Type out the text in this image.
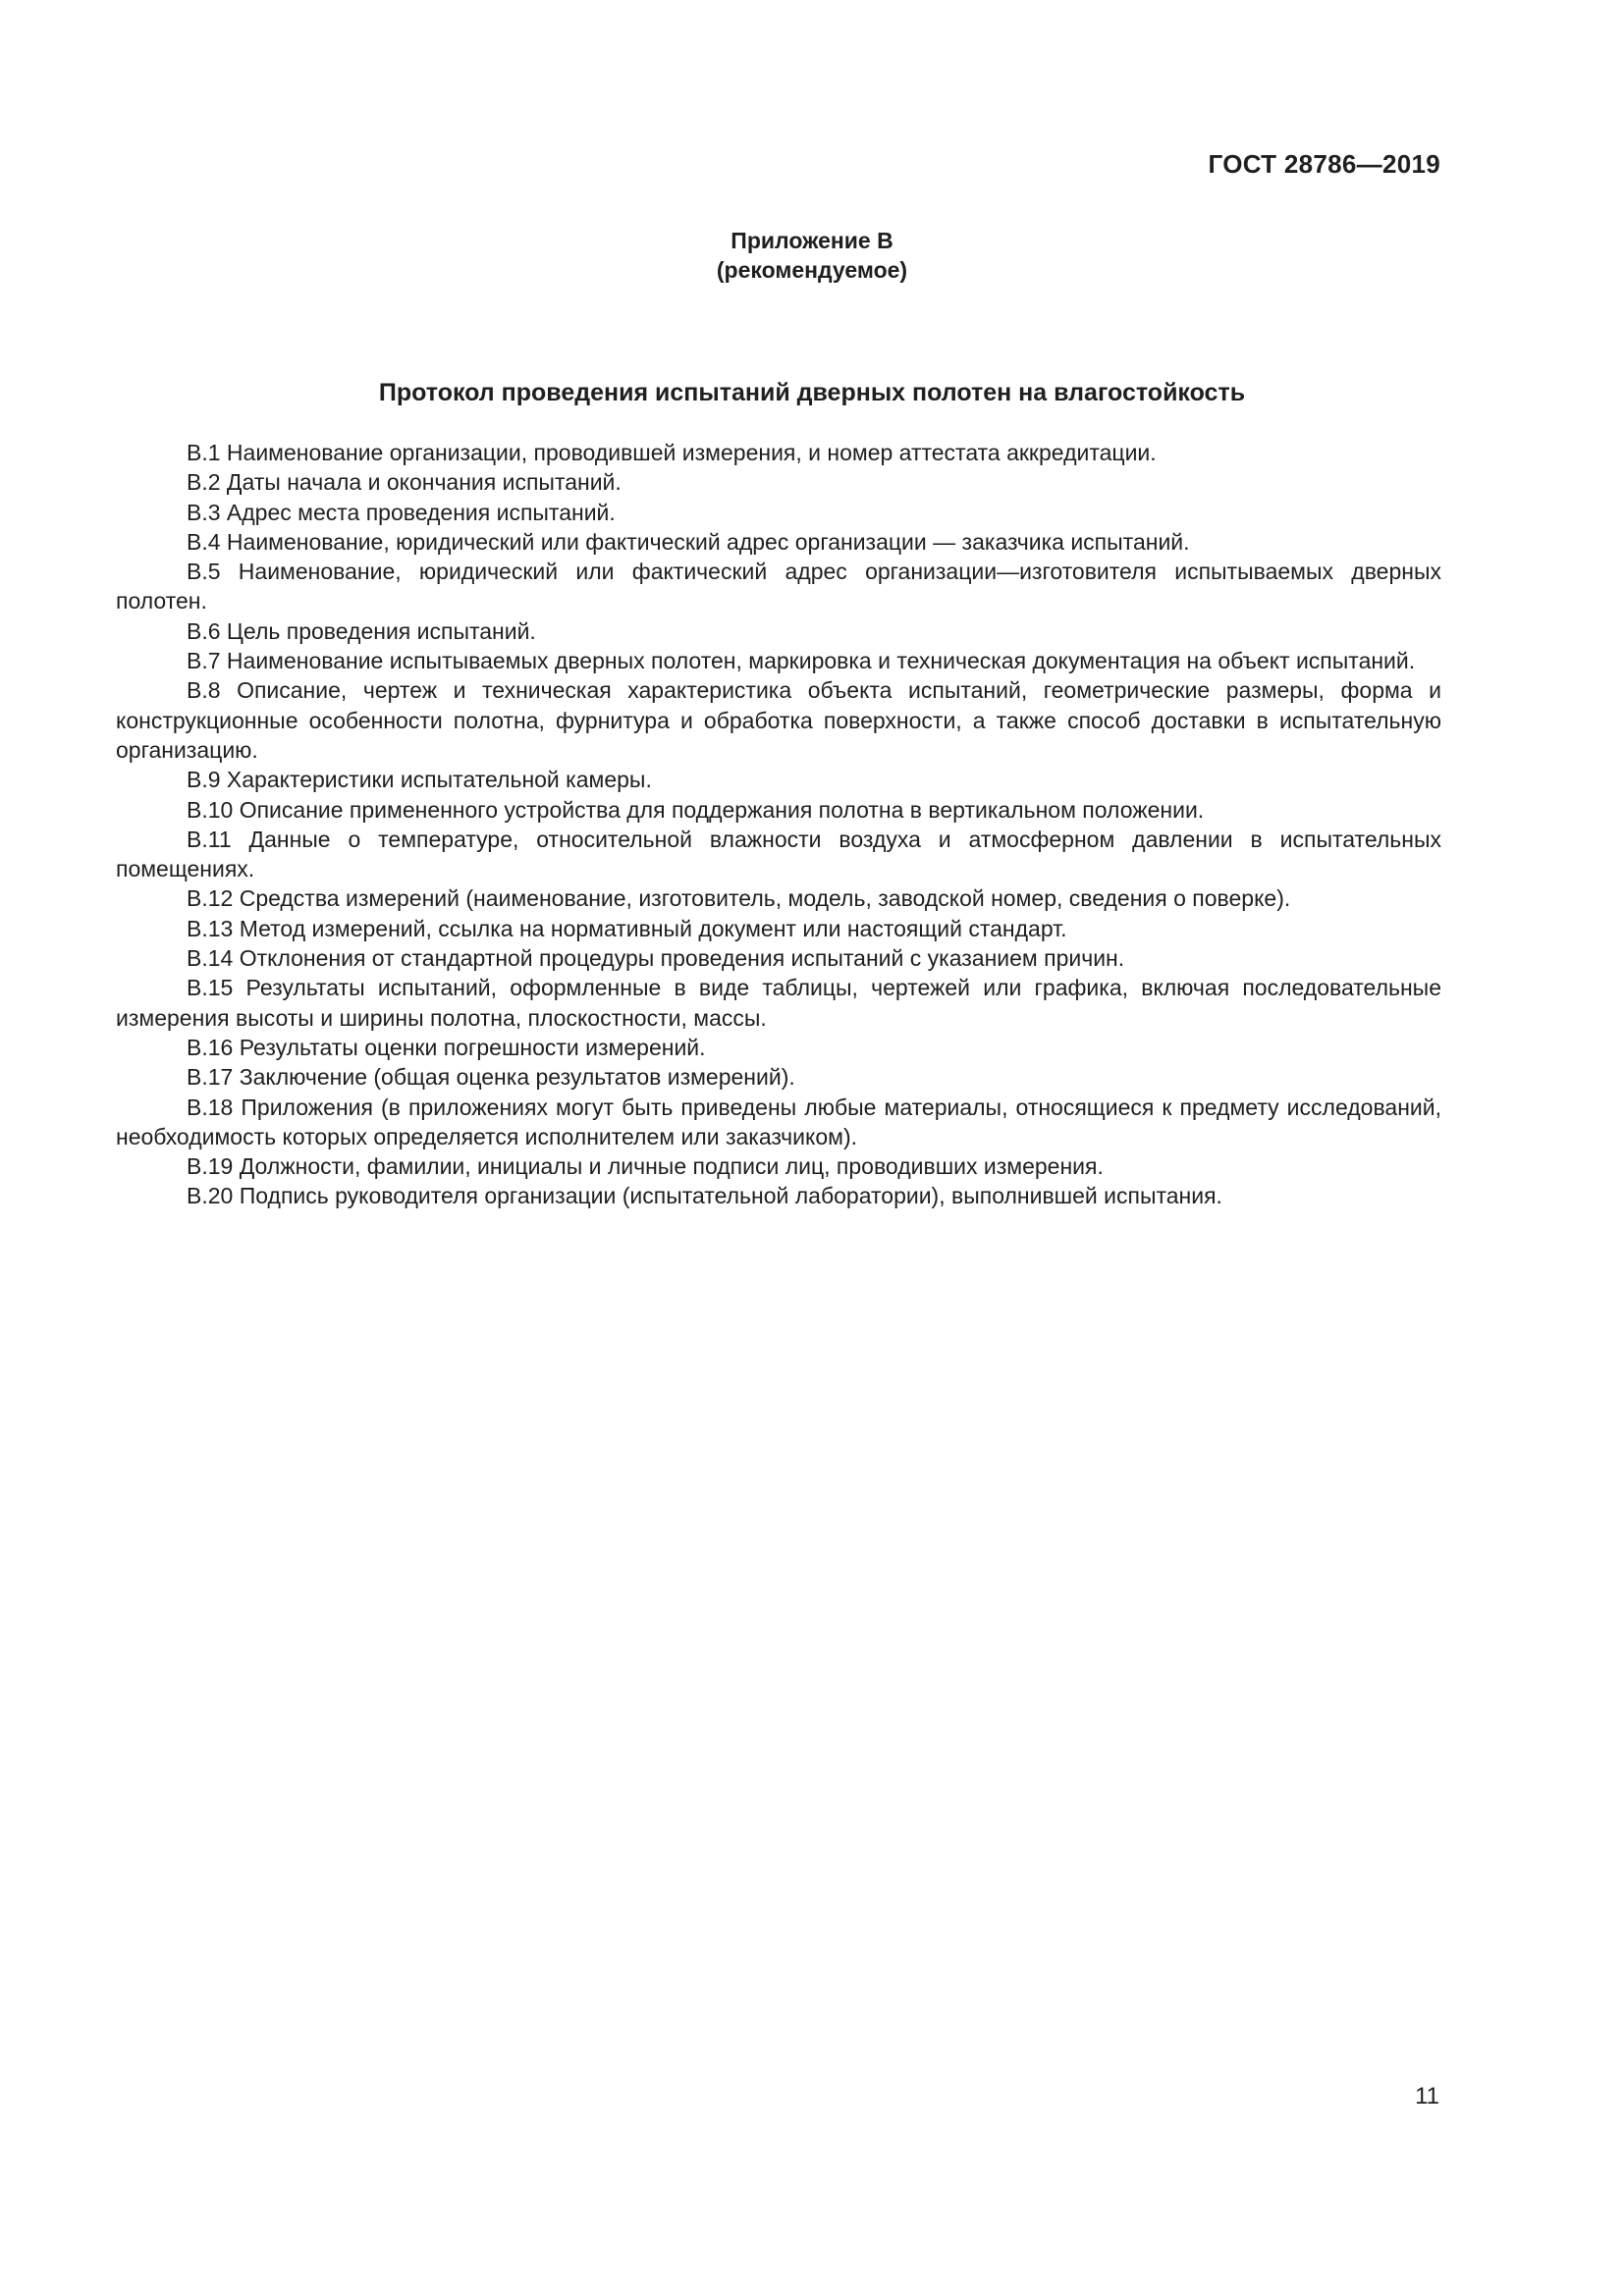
ГОСТ 28786—2019

Приложение В
(рекомендуемое)
Протокол проведения испытаний дверных полотен на влагостойкость

В.1 Наименование организации, проводившей измерения, и номер аттестата аккредитации.

В.2 Даты начала и окончания испытаний.

В.3 Адрес места проведения испытаний.

В.4 Наименование, юридический или фактический адрес организации — заказчика испытаний.

В.5 Наименование, юридический или фактический адрес организации—изготовителя испытываемых дверных полотен.

В.6 Цель проведения испытаний.

В.7 Наименование испытываемых дверных полотен, маркировка и техническая документация на объект испытаний.

В.8 Описание, чертеж и техническая характеристика объекта испытаний, геометрические размеры, форма и конструкционные особенности полотна, фурнитура и обработка поверхности, а также способ доставки в испытательную организацию.

В.9 Характеристики испытательной камеры.

В.10 Описание примененного устройства для поддержания полотна в вертикальном положении.

В.11 Данные о температуре, относительной влажности воздуха и атмосферном давлении в испытательных помещениях.

В.12 Средства измерений (наименование, изготовитель, модель, заводской номер, сведения о поверке).

В.13 Метод измерений, ссылка на нормативный документ или настоящий стандарт.

В.14 Отклонения от стандартной процедуры проведения испытаний с указанием причин.

В.15 Результаты испытаний, оформленные в виде таблицы, чертежей или графика, включая последовательные измерения высоты и ширины полотна, плоскостности, массы.

В.16 Результаты оценки погрешности измерений.

В.17 Заключение (общая оценка результатов измерений).

В.18 Приложения (в приложениях могут быть приведены любые материалы, относящиеся к предмету исследований, необходимость которых определяется исполнителем или заказчиком).

В.19 Должности, фамилии, инициалы и личные подписи лиц, проводивших измерения.

В.20 Подпись руководителя организации (испытательной лаборатории), выполнившей испытания.

11
